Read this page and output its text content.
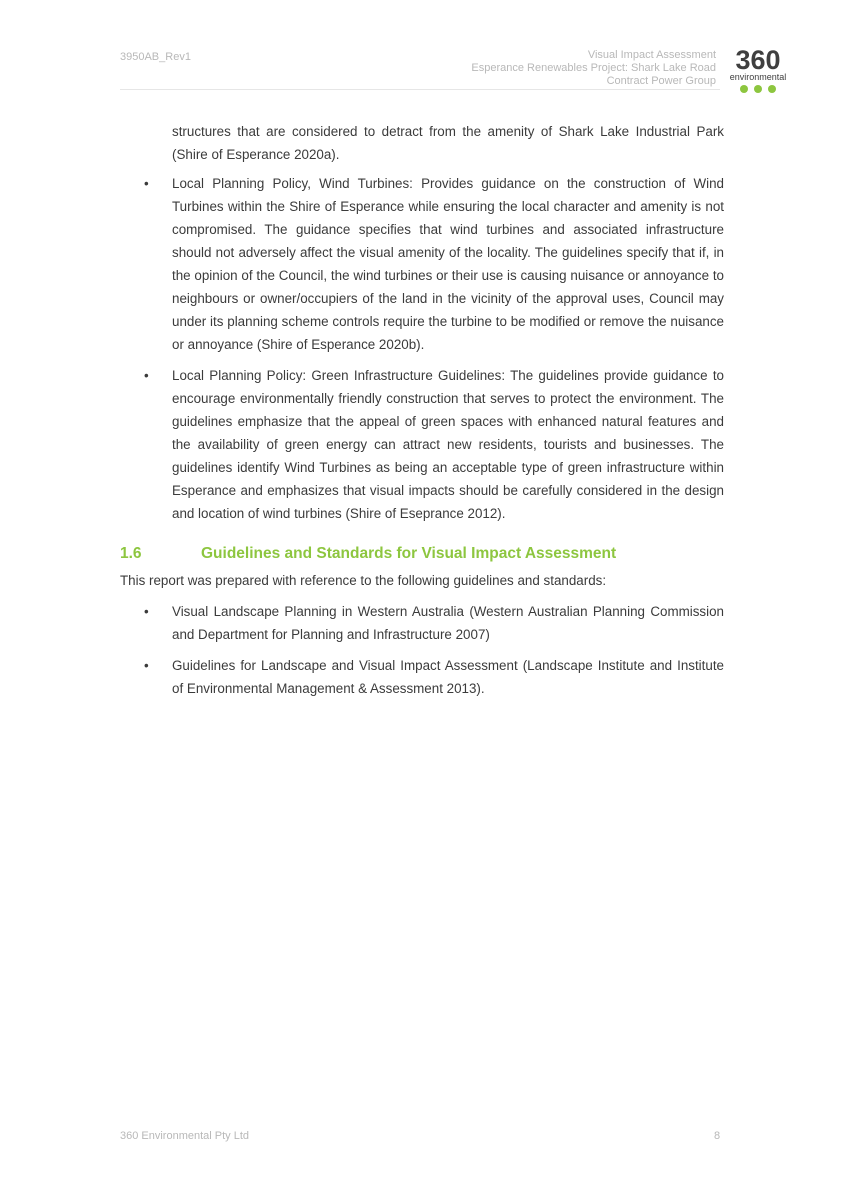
3950AB_Rev1	Visual Impact Assessment
Esperance Renewables Project: Shark Lake Road
Contract Power Group
360
environmental

structures that are considered to detract from the amenity of Shark Lake Industrial Park (Shire of Esperance 2020a).

• Local Planning Policy, Wind Turbines: Provides guidance on the construction of Wind Turbines within the Shire of Esperance while ensuring the local character and amenity is not compromised. The guidance specifies that wind turbines and associated infrastructure should not adversely affect the visual amenity of the locality. The guidelines specify that if, in the opinion of the Council, the wind turbines or their use is causing nuisance or annoyance to neighbours or owner/occupiers of the land in the vicinity of the approval uses, Council may under its planning scheme controls require the turbine to be modified or remove the nuisance or annoyance (Shire of Esperance 2020b).
• Local Planning Policy: Green Infrastructure Guidelines: The guidelines provide guidance to encourage environmentally friendly construction that serves to protect the environment. The guidelines emphasize that the appeal of green spaces with enhanced natural features and the availability of green energy can attract new residents, tourists and businesses. The guidelines identify Wind Turbines as being an acceptable type of green infrastructure within Esperance and emphasizes that visual impacts should be carefully considered in the design and location of wind turbines (Shire of Eseprance 2012).
1.6	Guidelines and Standards for Visual Impact Assessment

This report was prepared with reference to the following guidelines and standards:

• Visual Landscape Planning in Western Australia (Western Australian Planning Commission and Department for Planning and Infrastructure 2007)
• Guidelines for Landscape and Visual Impact Assessment (Landscape Institute and Institute of Environmental Management & Assessment 2013).
360 Environmental Pty Ltd	8
